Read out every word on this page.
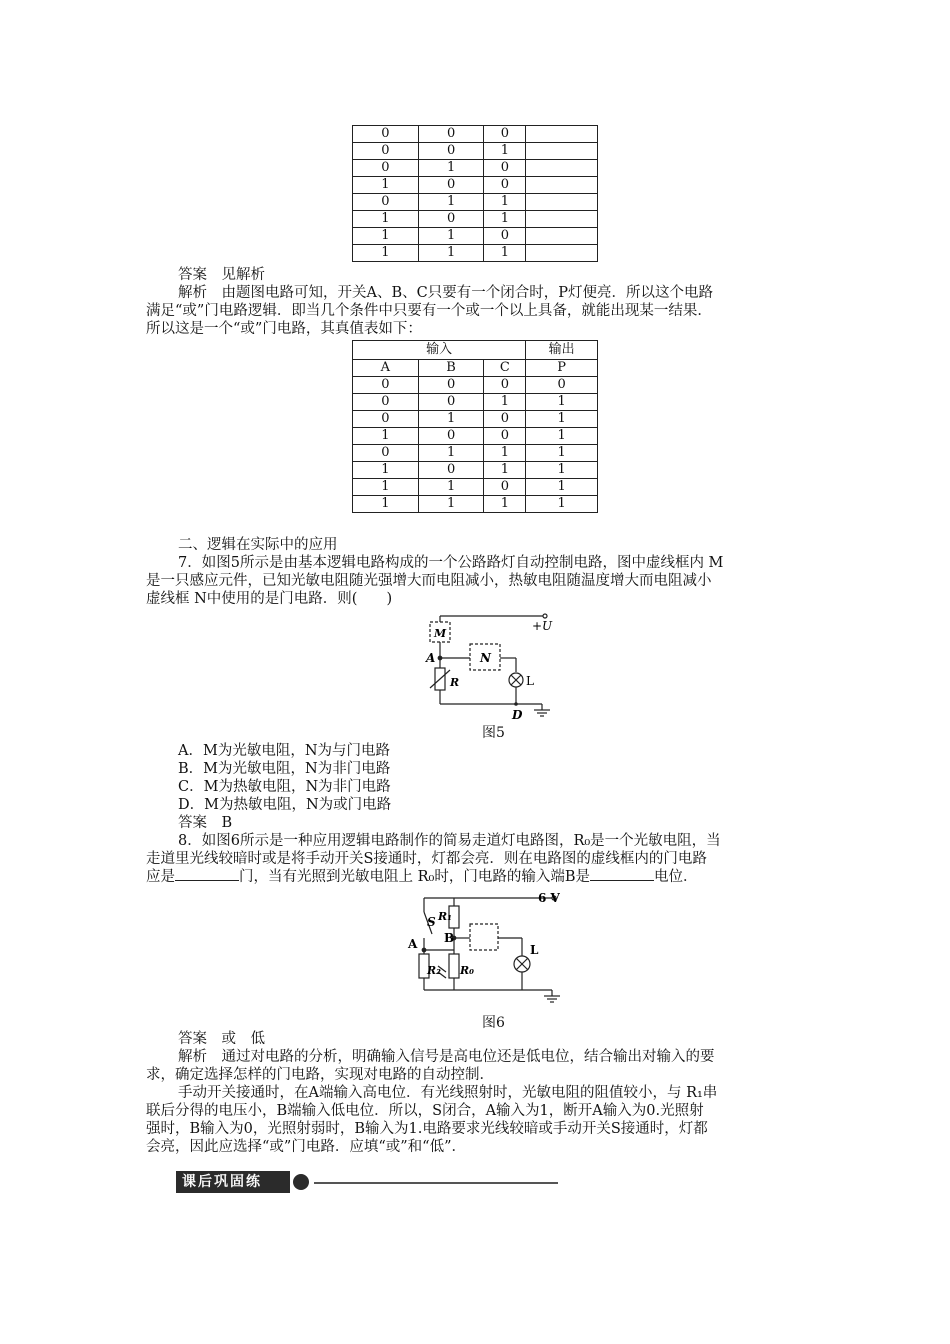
0	0	0	
0	0	1	
0	1	0	
1	0	0	
0	1	1	
1	0	1	
1	1	0	
1	1	1	
答案　见解析
解析　由题图电路可知，开关A、B、C只要有一个闭合时，P灯便亮．所以这个电路
满足“或”门电路逻辑．即当几个条件中只要有一个或一个以上具备，就能出现某一结果．
所以这是一个“或”门电路，其真值表如下：
输入			输出
A	B	C	P
0	0	0	0
0	0	1	1
0	1	0	1
1	0	0	1
0	1	1	1
1	0	1	1
1	1	0	1
1	1	1	1
二、逻辑在实际中的应用
7．如图5所示是由基本逻辑电路构成的一个公路路灯自动控制电路，图中虚线框内 M
是一只感应元件，已知光敏电阻随光强增大而电阻减小，热敏电阻随温度增大而电阻减小
虚线框 N中使用的是门电路．则(　　)
+U
M
N
A
R	L
D
图5
A．M为光敏电阻，N为与门电路
B．M为光敏电阻，N为非门电路
C．M为热敏电阻，N为非门电路
D．M为热敏电阻，N为或门电路
答案　B
8．如图6所示是一种应用逻辑电路制作的简易走道灯电路图，R₀是一个光敏电阻，当
走道里光线较暗时或是将手动开关S接通时，灯都会亮．则在电路图的虚线框内的门电路
应是	门，当有光照到光敏电阻上 R₀时，门电路的输入端B是	电位．
6 V
S R₁
B
A
R₂ R₀
L
图6
答案　或　低
解析　通过对电路的分析，明确输入信号是高电位还是低电位，结合输出对输入的要
求，确定选择怎样的门电路，实现对电路的自动控制．
手动开关接通时，在A端输入高电位．有光线照射时，光敏电阻的阻值较小，与 R₁串
联后分得的电压小，B端输入低电位．所以，S闭合，A输入为1，断开A输入为0.光照射
强时，B输入为0，光照射弱时，B输入为1.电路要求光线较暗或手动开关S接通时，灯都
会亮，因此应选择“或”门电路．应填“或”和“低”．
课后巩固练
